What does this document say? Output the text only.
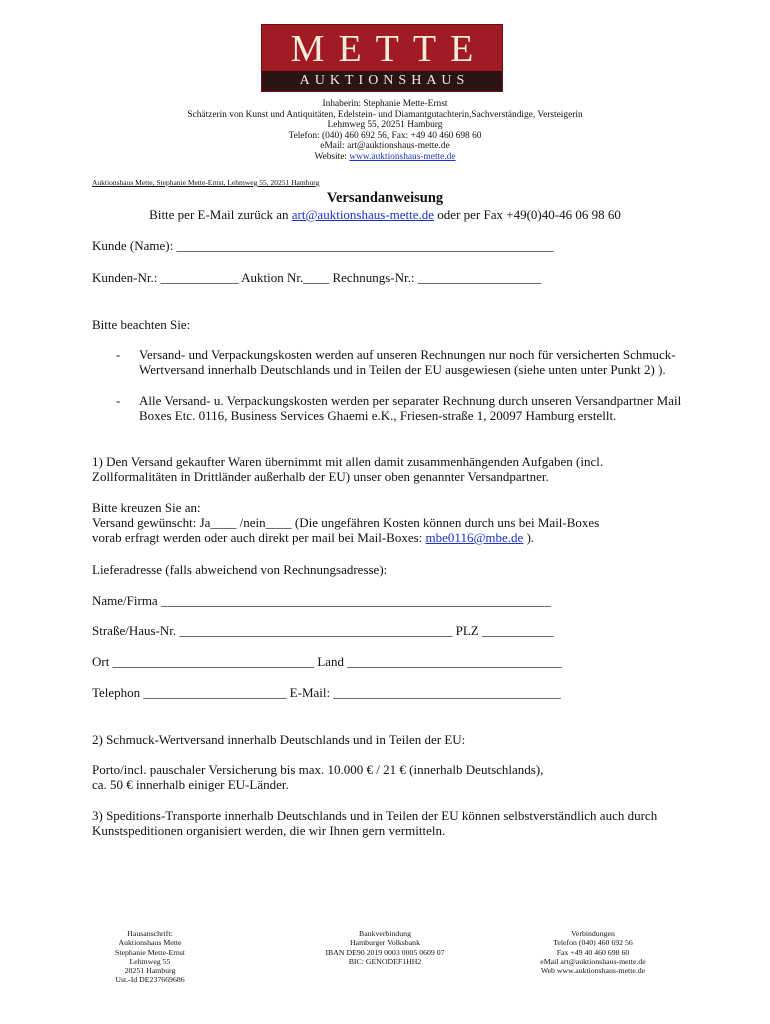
METTE
AUKTIONSHAUS
Inhaberin: Stephanie Mette-Ernst
Schätzerin von Kunst und Antiquitäten, Edelstein- und Diamantgutachterin,Sachverständige, Versteigerin
Lehmweg 55, 20251 Hamburg
Telefon: (040) 460 692 56, Fax: +49 40 460 698 60
eMail: art@auktionshaus-mette.de
Website: www.auktionshaus-mette.de
Auktionshaus Mette, Stephanie Mette-Ernst, Lehmweg 55, 20251 Hamburg
Versandanweisung
Bitte per E-Mail zurück an art@auktionshaus-mette.de oder per Fax +49(0)40-46 06 98 60
Kunde (Name): __________________________________________________________
Kunden-Nr.: ____________ Auktion Nr.____ Rechnungs-Nr.: ___________________
Bitte beachten Sie:
- Versand- und Verpackungskosten werden auf unseren Rechnungen nur noch für versicherten Schmuck-Wertversand innerhalb Deutschlands und in Teilen der EU ausgewiesen (siehe unten unter Punkt 2) ).
- Alle Versand- u. Verpackungskosten werden per separater Rechnung durch unseren Versandpartner Mail Boxes Etc. 0116, Business Services Ghaemi e.K., Friesen-straße 1, 20097 Hamburg erstellt.
1) Den Versand gekaufter Waren übernimmt mit allen damit zusammenhängenden Aufgaben (incl. Zollformalitäten in Drittländer außerhalb der EU) unser oben genannter Versandpartner.
Bitte kreuzen Sie an:
Versand gewünscht: Ja____ /nein____ (Die ungefähren Kosten können durch uns bei Mail-Boxes
vorab erfragt werden oder auch direkt per mail bei Mail-Boxes: mbe0116@mbe.de ).
Lieferadresse (falls abweichend von Rechnungsadresse):
Name/Firma ____________________________________________________________
Straße/Haus-Nr. __________________________________________ PLZ ___________
Ort _______________________________ Land _________________________________
Telephon ______________________ E-Mail: ___________________________________
2) Schmuck-Wertversand innerhalb Deutschlands und in Teilen der EU:
Porto/incl. pauschaler Versicherung bis max. 10.000 € / 21 € (innerhalb Deutschlands),
ca. 50 € innerhalb einiger EU-Länder.
3) Speditions-Transporte innerhalb Deutschlands und in Teilen der EU können selbstverständlich auch durch Kunstspeditionen organisiert werden, die wir Ihnen gern vermitteln.
Hausanschrift:
Auktionshaus Mette
Stephanie Mette-Ernst
Lehmweg 55
20251 Hamburg
Ust.-Id DE237669686
Bankverbindung
Hamburger Volksbank
IBAN DE90 2019 0003 0005 0609 07
BIC: GENODEF1HH2
Verbindungen
Telefon (040) 460 692 56
Fax +49 40 460 698 60
eMail art@auktionshaus-mette.de
Web www.auktionshaus-mette.de
